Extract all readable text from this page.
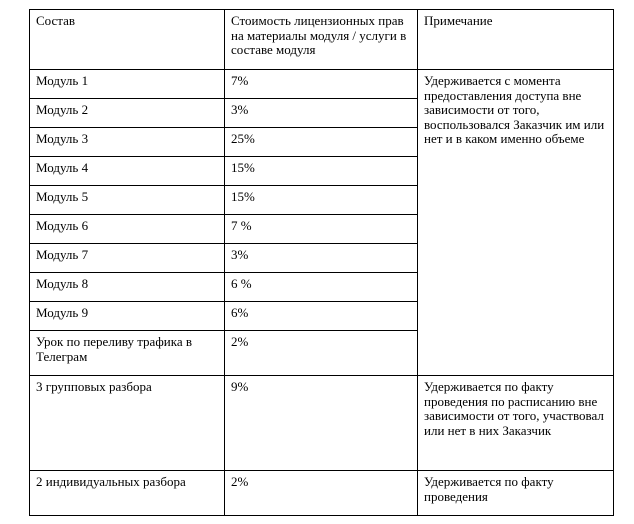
Состав	Стоимость лицензионных прав на материалы модуля / услуги в составе модуля	Примечание
Модуль 1	7%	Удерживается с момента предоставления доступа вне зависимости от того, воспользовался Заказчик им или нет и в каком именно объеме
Модуль 2	3%	
Модуль 3	25%	
Модуль 4	15%	
Модуль 5	15%	
Модуль 6	7 %	
Модуль 7	3%	
Модуль 8	6 %	
Модуль 9	6%	
Урок по переливу трафика в Телеграм	2%	
3 групповых разбора	9%	Удерживается по факту проведения по расписанию вне зависимости от того, участвовал или нет в них Заказчик
2 индивидуальных разбора	2%	Удерживается по факту проведения
